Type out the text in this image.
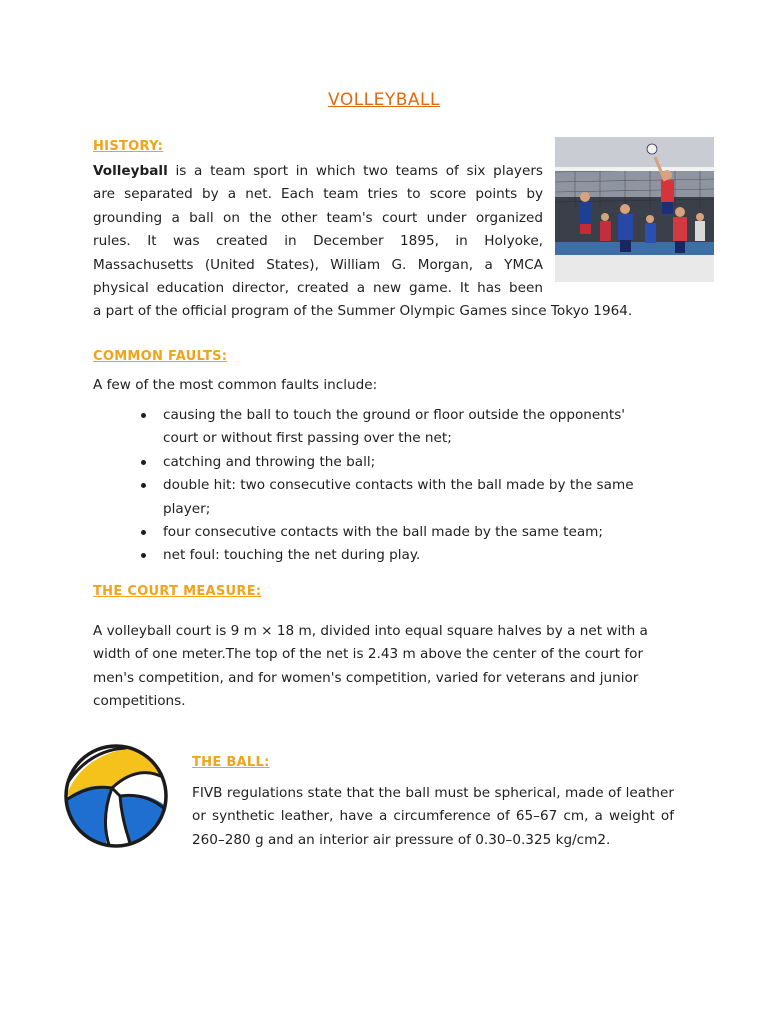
VOLLEYBALL
HISTORY:
Volleyball is a team sport in which two teams of six players
are separated by a net. Each team tries to score points by
grounding a ball on the other team's court under organized
rules. It was created in December 1895, in Holyoke,
Massachusetts (United States), William G. Morgan, a YMCA
physical education director, created a new game. It has been
a part of the official program of the Summer Olympic Games since Tokyo 1964.
COMMON FAULTS:
A few of the most common faults include:
causing the ball to touch the ground or floor outside the opponents' court or without first passing over the net;
catching and throwing the ball;
double hit: two consecutive contacts with the ball made by the same player;
four consecutive contacts with the ball made by the same team;
net foul: touching the net during play.
THE COURT MEASURE:
A volleyball court is 9 m × 18 m, divided into equal square halves by a net with a width of one meter.The top of the net is 2.43 m above the center of the court for men's competition, and for women's competition, varied for veterans and junior competitions.
THE BALL:
FIVB regulations state that the ball must be spherical, made of leather or synthetic leather, have a circumference of 65–67 cm, a weight of 260–280 g and an interior air pressure of 0.30–0.325 kg/cm2.
